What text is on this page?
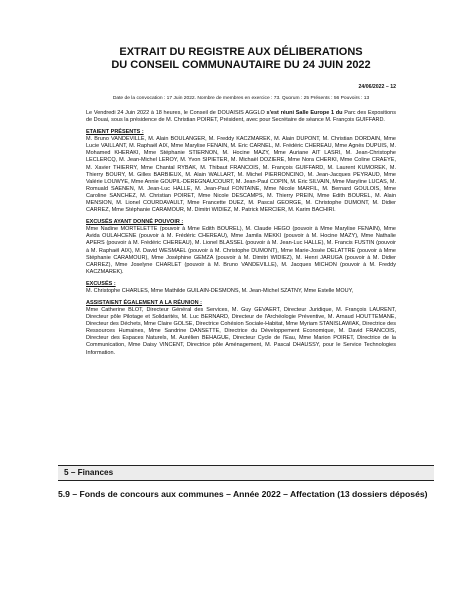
EXTRAIT DU REGISTRE AUX DÉLIBERATIONS
DU CONSEIL COMMUNAUTAIRE DU 24 JUIN 2022
24/06/2022 – 12
Date de la convocation : 17 Juin 2022. Nombre de membres en exercice : 73. Quorum : 25 Présents : 56 Pouvoirs : 13
Le Vendredi 24 Juin 2022 à 18 heures, le Conseil de DOUAISIS AGGLO s'est réuni Salle Europe 1 du Parc des Expositions de Douai, sous la présidence de M. Christian POIRET, Président, avec pour Secrétaire de séance M. François GUIFFARD.
ETAIENT PRÉSENTS :
M. Bruno VANDEVILLE, M. Alain BOULANGER, M. Freddy KACZMAREK, M. Alain DUPONT, M. Christian DORDAIN, Mme Lucie VAILLANT, M. Raphaël AIX, Mme Marylise FENAIN, M. Eric CARNEL, M. Frédéric CHEREAU, Mme Agnès DUPUIS, M. Mohamed KHERAKI, Mme Stéphanie STIERNON, M. Hocine MAZY, Mme Auriane AIT LASRI, M. Jean-Christophe LECLERCQ, M. Jean-Michel LEROY, M. Yvon SIPIETER, M. Michaël DOZIERE, Mme Nora CHERKI, Mme Coline CRAEYE, M. Xavier THIERRY, Mme Chantal RYBAK, M. Thibaut FRANCOIS, M. François GUIFFARD, M. Laurent KUMOREK, M. Thierry BOURY, M. Gilles BARBIEUX, M. Alain WALLART, M. Michel PIERRONCINO, M. Jean-Jacques PEYRAUD, Mme Valérie LOUWYE, Mme Annie GOUPIL-DEREGNAUCOURT, M. Jean-Paul COPIN, M. Eric SILVAIN, Mme Maryline LUCAS, M. Romuald SAENEN, M. Jean-Luc HALLE, M. Jean-Paul FONTAINE, Mme Nicole MARFIL, M. Bernard GOULOIS, Mme Caroline SANCHEZ, M. Christian POIRET, Mme Nicole DESCAMPS, M. Thierry PREIN, Mme Edith BOUREL, M. Alain MENSION, M. Lionel COURDAVAULT, Mme Francette DUEZ, M. Pascal GEORGE, M. Christophe DUMONT, M. Didier CARREZ, Mme Stéphanie CARAMOUR, M. Dimitri WIDIEZ, M. Patrick MERCIER, M. Karim BACHIRI.
EXCUSÉS AYANT DONNÉ POUVOIR :
Mme Nadine MORTELETTE (pouvoir à Mme Edith BOUREL), M. Claude HEGO (pouvoir à Mme Marylise FENAIN), Mme Avida OULAHCENE (pouvoir à M. Frédéric CHEREAU), Mme Jamila MEKKI (pouvoir à M. Hocine MAZY), Mme Nathalie APERS (pouvoir à M. Frédéric CHEREAU), M. Lionel BLASSEL (pouvoir à M. Jean-Luc HALLE), M. Francis FUSTIN (pouvoir à M. Raphaël AIX), M. David WESMAEL (pouvoir à M. Christophe DUMONT), Mme Marie-Josée DELATTRE (pouvoir à Mme Stéphanie CARAMOUR), Mme Joséphine GEMZA (pouvoir à M. Dimitri WIDIEZ), M. Henri JARUGA (pouvoir à M. Didier CARREZ), Mme Joselyne CHARLET (pouvoir à M. Bruno VANDEVILLE), M. Jacques MICHON (pouvoir à M. Freddy KACZMAREK).
EXCUSÉS :
M. Christophe CHARLES, Mme Mathilde GUILAIN-DESMONS, M. Jean-Michel SZATNY, Mme Estelle MOUY,
ASSISTAIENT ÉGALEMENT A LA RÉUNION :
Mme Catherine BLOT, Directeur Général des Services, M. Guy GEVAERT, Directeur Juridique, M. François LAURENT, Directeur pôle Pilotage et Solidarités, M. Luc BERNARD, Directeur de l'Archéologie Préventive, M. Arnaud HOUTTEMANE, Directeur des Déchets, Mme Claire GOLSE, Directrice Cohésion Sociale-Habitat, Mme Myriam STANISLAWIAK, Directrice des Ressources Humaines, Mme Sandrine DANSETTE, Directrice du Développement Economique, M. David FRANCOIS, Directeur des Espaces Naturels, M. Aurélien BEHAGUE, Directeur Cycle de l'Eau, Mme Marion POIRET, Directrice de la Communication, Mme Daisy VINCENT, Directrice pôle Aménagement, M. Pascal DHAUSSY, pour le Service Technologies Information.
5 – Finances
5.9 – Fonds de concours aux communes – Année 2022 – Affectation (13 dossiers déposés)
